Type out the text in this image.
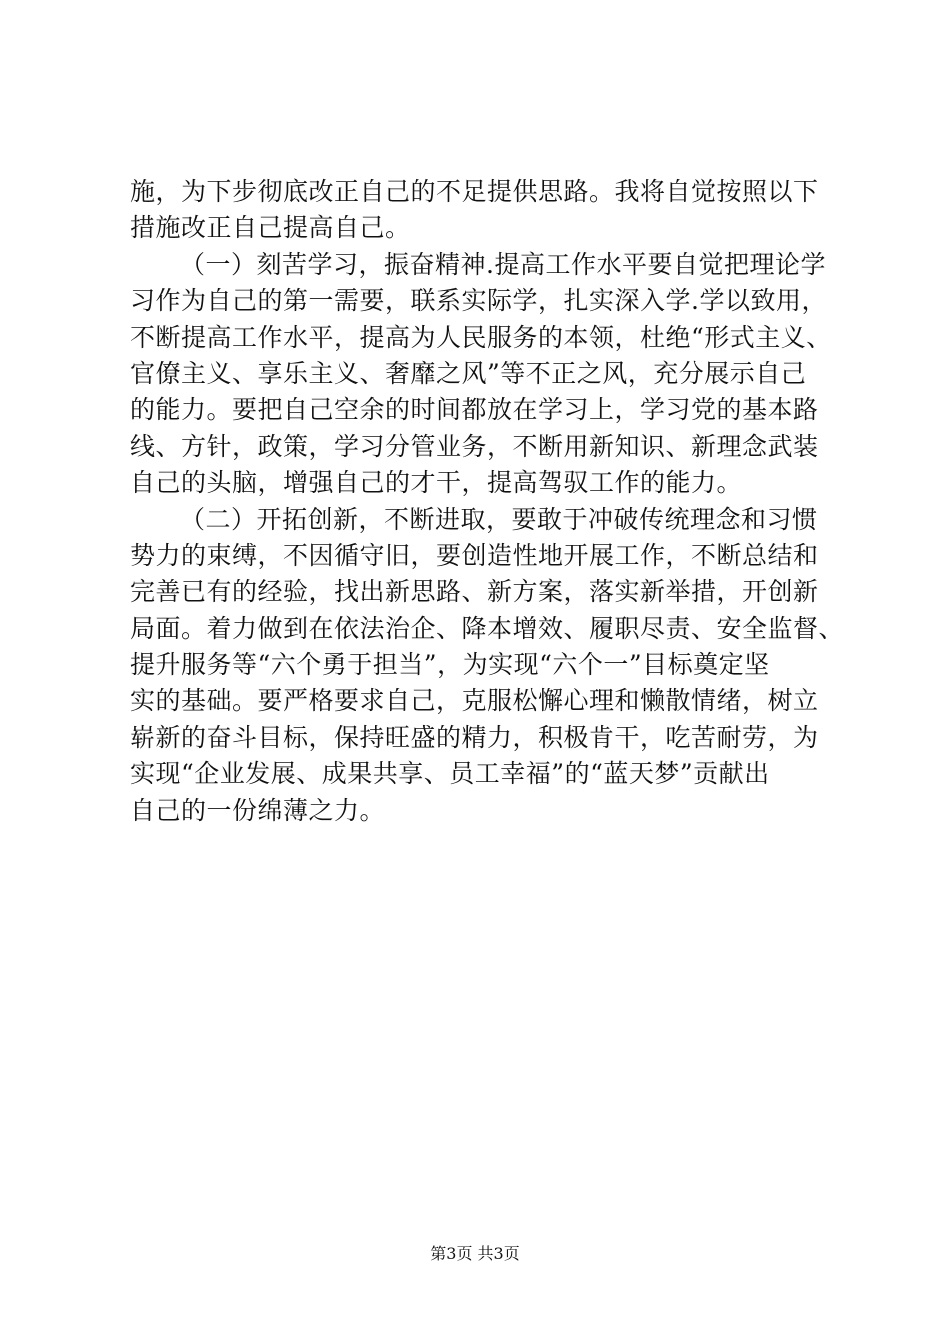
施，为下步彻底改正自己的不足提供思路。我将自觉按照以下
措施改正自己提高自己。
（一）刻苦学习，振奋精神.提高工作水平要自觉把理论学
习作为自己的第一需要，联系实际学，扎实深入学.学以致用，
不断提高工作水平，提高为人民服务的本领，杜绝“形式主义、
官僚主义、享乐主义、奢靡之风”等不正之风，充分展示自己
的能力。要把自己空余的时间都放在学习上，学习党的基本路
线、方针，政策，学习分管业务，不断用新知识、新理念武装
自己的头脑，增强自己的才干，提高驾驭工作的能力。
（二）开拓创新，不断进取，要敢于冲破传统理念和习惯
势力的束缚，不因循守旧，要创造性地开展工作，不断总结和
完善已有的经验，找出新思路、新方案，落实新举措，开创新
局面。着力做到在依法治企、降本增效、履职尽责、安全监督、
提升服务等“六个勇于担当”，为实现“六个一”目标奠定坚
实的基础。要严格要求自己，克服松懈心理和懒散情绪，树立
崭新的奋斗目标，保持旺盛的精力，积极肯干，吃苦耐劳，为
实现“企业发展、成果共享、员工幸福”的“蓝天梦”贡献出
自己的一份绵薄之力。
第3页 共3页
